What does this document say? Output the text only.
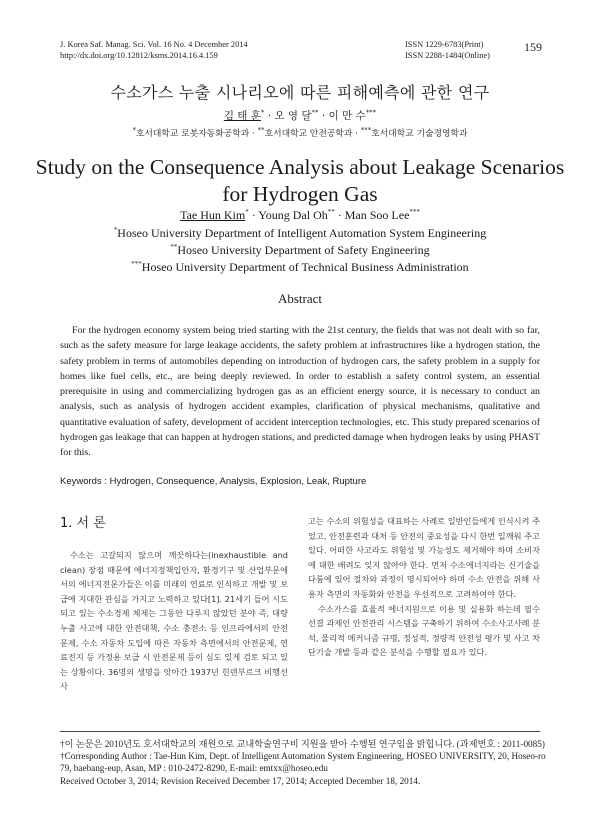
J. Korea Saf. Manag. Sci. Vol. 16 No. 4 December 2014
http://dx.doi.org/10.12812/ksms.2014.16.4.159
ISSN 1229-6783(Print)
ISSN 2288-1484(Online)
159
수소가스 누출 시나리오에 따른 피해예측에 관한 연구
김 태 훈* · 오 영 달** · 이 만 수***
*호서대학교 로봇자동화공학과 · **호서대학교 안전공학과 · ***호서대학교 기술경영학과
Study on the Consequence Analysis about Leakage Scenarios for Hydrogen Gas
Tae Hun Kim* · Young Dal Oh** · Man Soo Lee***
*Hoseo University Department of Intelligent Automation System Engineering
**Hoseo University Department of Safety Engineering
***Hoseo University Department of Technical Business Administration
Abstract
For the hydrogen economy system being tried starting with the 21st century, the fields that was not dealt with so far, such as the safety measure for large leakage accidents, the safety problem at infrastructures like a hydrogen station, the safety problem in terms of automobiles depending on introduction of hydrogen cars, the safety problem in a supply for homes like fuel cells, etc., are being deeply reviewed. In order to establish a safety control system, an essential prerequisite in using and commercializing hydrogen gas as an efficient energy source, it is necessary to conduct an analysis, such as analysis of hydrogen accident examples, clarification of physical mechanisms, qualitative and quantitative evaluation of safety, development of accident interception technologies, etc. This study prepared scenarios of hydrogen gas leakage that can happen at hydrogen stations, and predicted damage when hydrogen leaks by using PHAST for this.
Keywords : Hydrogen, Consequence, Analysis, Explosion, Leak, Rupture
1. 서 론
수소는 고갈되지 않으며 깨끗하다는(inexhaustible and clean) 장점 때문에 에너지정책입안자, 환경기구 및 산업부문에서의 에너지전문가들은 이를 미래의 연료로 인식하고 개발 및 보급에 지대한 관심을 가지고 노력하고 있다[1]. 21세기 들어 시도되고 있는 수소경제 체제는 그동안 다루지 않았던 분야 즉, 대량 누출 사고에 대한 안전대책, 수소 충전소 등 인프라에서의 안전문제, 수소 자동차 도입에 따른 자동차 측면에서의 안전문제, 연료전지 등 가정용 보급 시 안전문제 등이 심도 있게 검토 되고 있는 상황이다. 36명의 생명을 앗아간 1937년 힌덴부르크 비행선 사

고는 수소의 위험성을 대표하는 사례로 일반인들에게 인식시켜 주었고, 안전훈련과 대처 등 안전의 중요성을 다시 한번 일깨워 주고 있다. 어떠한 사고라도 위험성 및 가능성도 제거해야 하며 소비자에 대한 배려도 잊지 않아야 한다. 먼저 수소에너지라는 신기술을 다룸에 있어 절차와 과정이 명시되어야 하며 수소 안전을 위해 사용자 측면의 자동화와 안전을 우선적으로 고려하여야 한다.

수소가스를 효율적 에너지원으로 이용 및 실용화 하는데 필수 선결 과제인 안전관리 시스템을 구축하기 위하여 수소사고사례 분석, 물리적 메커니즘 규명, 정성적, 정량적 안전성 평가 및 사고 차단기술 개발 등과 같은 분석을 수행할 필요가 있다.

†이 논문은 2010년도 호서대학교의 재원으로 교내학술연구비 지원을 받아 수행된 연구임을 밝힙니다. (과제번호 : 2011-0085)
†Corresponding Author : Tae-Hun Kim, Dept. of Intelligent Automation System Engineering, HOSEO UNIVERSITY, 20, Hoseo-ro 79, baebang-eup, Asan, MP : 010-2472-8290, E-mail: emtxx@hoseo.edu
Received October 3, 2014; Revision Received December 17, 2014; Accepted December 18, 2014.
